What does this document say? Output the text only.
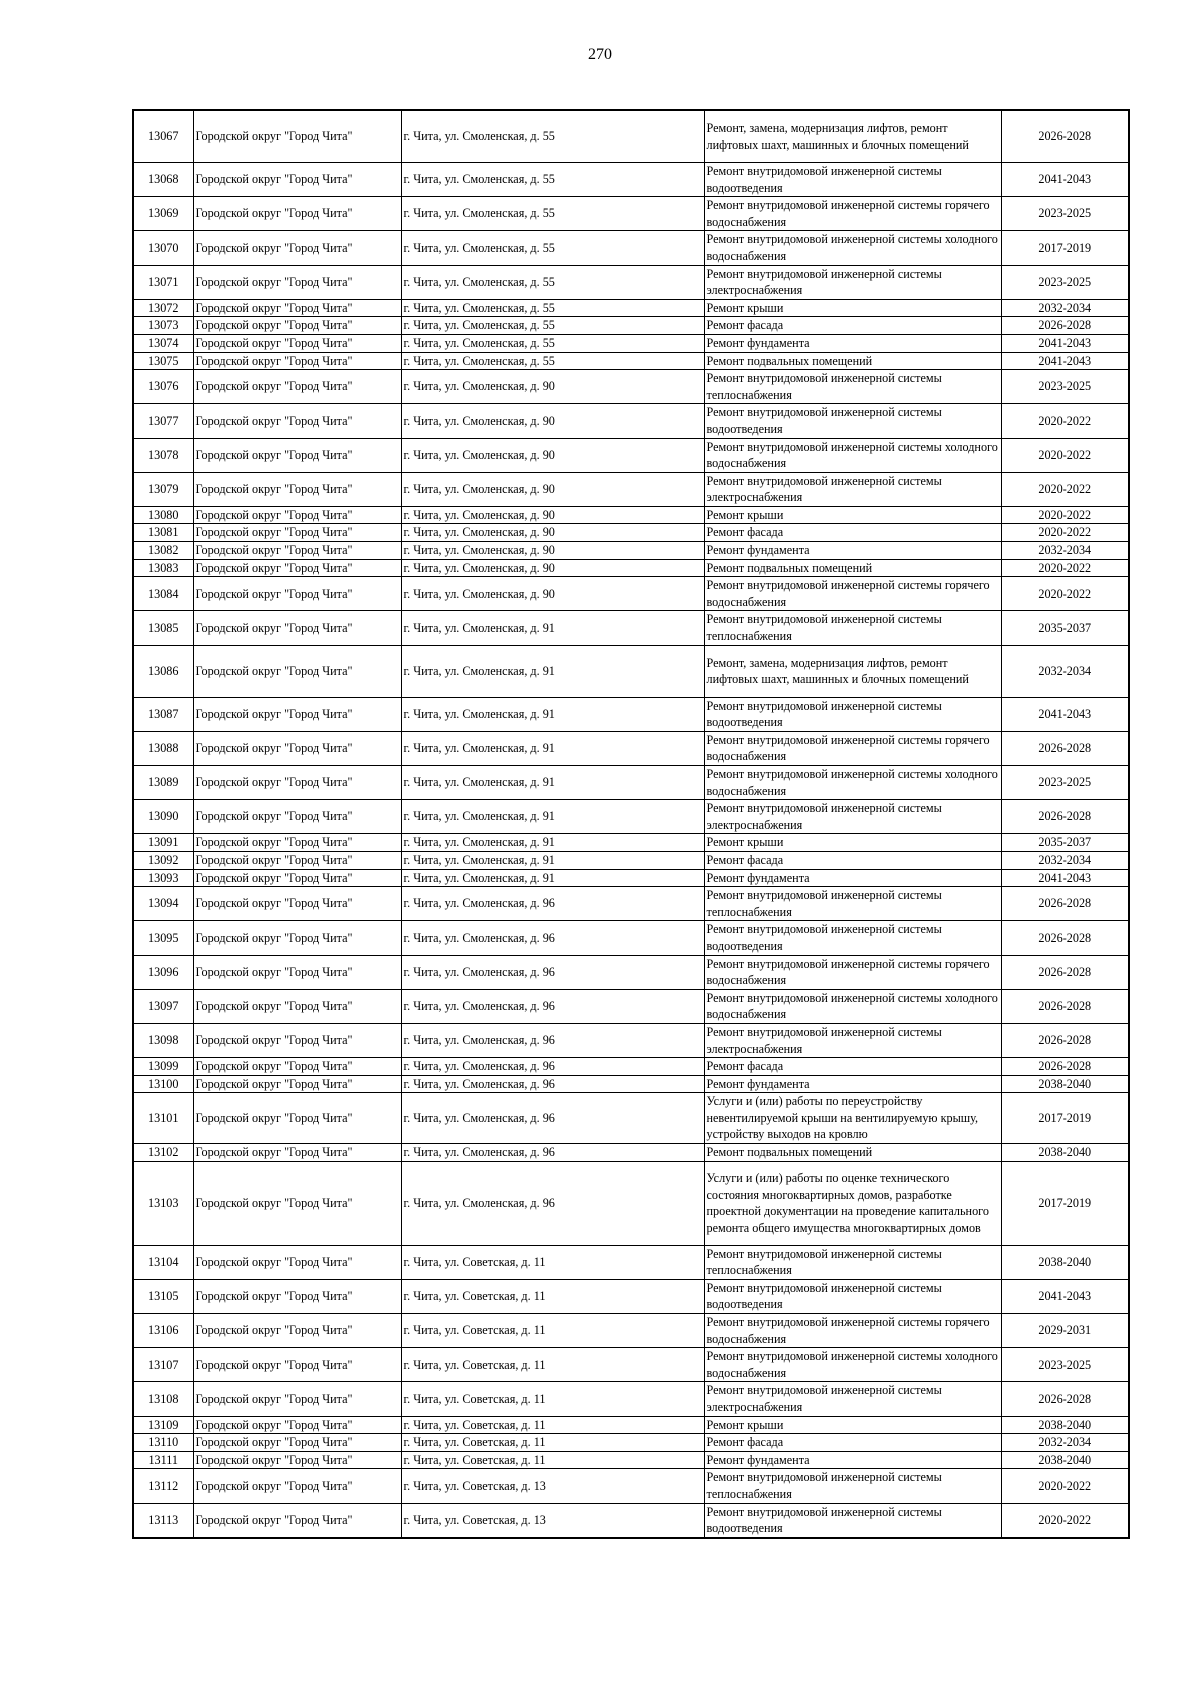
270
13067	Городской округ "Город Чита"	г. Чита, ул. Смоленская, д. 55	Ремонт, замена, модернизация лифтов, ремонт лифтовых шахт, машинных и блочных помещений	2026-2028
13068	Городской округ "Город Чита"	г. Чита, ул. Смоленская, д. 55	Ремонт внутридомовой инженерной системы водоотведения	2041-2043
13069	Городской округ "Город Чита"	г. Чита, ул. Смоленская, д. 55	Ремонт внутридомовой инженерной системы горячего водоснабжения	2023-2025
13070	Городской округ "Город Чита"	г. Чита, ул. Смоленская, д. 55	Ремонт внутридомовой инженерной системы холодного водоснабжения	2017-2019
13071	Городской округ "Город Чита"	г. Чита, ул. Смоленская, д. 55	Ремонт внутридомовой инженерной системы электроснабжения	2023-2025
13072	Городской округ "Город Чита"	г. Чита, ул. Смоленская, д. 55	Ремонт крыши	2032-2034
13073	Городской округ "Город Чита"	г. Чита, ул. Смоленская, д. 55	Ремонт фасада	2026-2028
13074	Городской округ "Город Чита"	г. Чита, ул. Смоленская, д. 55	Ремонт фундамента	2041-2043
13075	Городской округ "Город Чита"	г. Чита, ул. Смоленская, д. 55	Ремонт подвальных помещений	2041-2043
13076	Городской округ "Город Чита"	г. Чита, ул. Смоленская, д. 90	Ремонт внутридомовой инженерной системы теплоснабжения	2023-2025
13077	Городской округ "Город Чита"	г. Чита, ул. Смоленская, д. 90	Ремонт внутридомовой инженерной системы водоотведения	2020-2022
13078	Городской округ "Город Чита"	г. Чита, ул. Смоленская, д. 90	Ремонт внутридомовой инженерной системы холодного водоснабжения	2020-2022
13079	Городской округ "Город Чита"	г. Чита, ул. Смоленская, д. 90	Ремонт внутридомовой инженерной системы электроснабжения	2020-2022
13080	Городской округ "Город Чита"	г. Чита, ул. Смоленская, д. 90	Ремонт крыши	2020-2022
13081	Городской округ "Город Чита"	г. Чита, ул. Смоленская, д. 90	Ремонт фасада	2020-2022
13082	Городской округ "Город Чита"	г. Чита, ул. Смоленская, д. 90	Ремонт фундамента	2032-2034
13083	Городской округ "Город Чита"	г. Чита, ул. Смоленская, д. 90	Ремонт подвальных помещений	2020-2022
13084	Городской округ "Город Чита"	г. Чита, ул. Смоленская, д. 90	Ремонт внутридомовой инженерной системы горячего водоснабжения	2020-2022
13085	Городской округ "Город Чита"	г. Чита, ул. Смоленская, д. 91	Ремонт внутридомовой инженерной системы теплоснабжения	2035-2037
13086	Городской округ "Город Чита"	г. Чита, ул. Смоленская, д. 91	Ремонт, замена, модернизация лифтов, ремонт лифтовых шахт, машинных и блочных помещений	2032-2034
13087	Городской округ "Город Чита"	г. Чита, ул. Смоленская, д. 91	Ремонт внутридомовой инженерной системы водоотведения	2041-2043
13088	Городской округ "Город Чита"	г. Чита, ул. Смоленская, д. 91	Ремонт внутридомовой инженерной системы горячего водоснабжения	2026-2028
13089	Городской округ "Город Чита"	г. Чита, ул. Смоленская, д. 91	Ремонт внутридомовой инженерной системы холодного водоснабжения	2023-2025
13090	Городской округ "Город Чита"	г. Чита, ул. Смоленская, д. 91	Ремонт внутридомовой инженерной системы электроснабжения	2026-2028
13091	Городской округ "Город Чита"	г. Чита, ул. Смоленская, д. 91	Ремонт крыши	2035-2037
13092	Городской округ "Город Чита"	г. Чита, ул. Смоленская, д. 91	Ремонт фасада	2032-2034
13093	Городской округ "Город Чита"	г. Чита, ул. Смоленская, д. 91	Ремонт фундамента	2041-2043
13094	Городской округ "Город Чита"	г. Чита, ул. Смоленская, д. 96	Ремонт внутридомовой инженерной системы теплоснабжения	2026-2028
13095	Городской округ "Город Чита"	г. Чита, ул. Смоленская, д. 96	Ремонт внутридомовой инженерной системы водоотведения	2026-2028
13096	Городской округ "Город Чита"	г. Чита, ул. Смоленская, д. 96	Ремонт внутридомовой инженерной системы горячего водоснабжения	2026-2028
13097	Городской округ "Город Чита"	г. Чита, ул. Смоленская, д. 96	Ремонт внутридомовой инженерной системы холодного водоснабжения	2026-2028
13098	Городской округ "Город Чита"	г. Чита, ул. Смоленская, д. 96	Ремонт внутридомовой инженерной системы электроснабжения	2026-2028
13099	Городской округ "Город Чита"	г. Чита, ул. Смоленская, д. 96	Ремонт фасада	2026-2028
13100	Городской округ "Город Чита"	г. Чита, ул. Смоленская, д. 96	Ремонт фундамента	2038-2040
13101	Городской округ "Город Чита"	г. Чита, ул. Смоленская, д. 96	Услуги и (или) работы по переустройству невентилируемой крыши на вентилируемую крышу, устройству выходов на кровлю	2017-2019
13102	Городской округ "Город Чита"	г. Чита, ул. Смоленская, д. 96	Ремонт подвальных помещений	2038-2040
13103	Городской округ "Город Чита"	г. Чита, ул. Смоленская, д. 96	Услуги и (или) работы по оценке технического состояния многоквартирных домов, разработке проектной документации на проведение капитального ремонта общего имущества многоквартирных домов	2017-2019
13104	Городской округ "Город Чита"	г. Чита, ул. Советская, д. 11	Ремонт внутридомовой инженерной системы теплоснабжения	2038-2040
13105	Городской округ "Город Чита"	г. Чита, ул. Советская, д. 11	Ремонт внутридомовой инженерной системы водоотведения	2041-2043
13106	Городской округ "Город Чита"	г. Чита, ул. Советская, д. 11	Ремонт внутридомовой инженерной системы горячего водоснабжения	2029-2031
13107	Городской округ "Город Чита"	г. Чита, ул. Советская, д. 11	Ремонт внутридомовой инженерной системы холодного водоснабжения	2023-2025
13108	Городской округ "Город Чита"	г. Чита, ул. Советская, д. 11	Ремонт внутридомовой инженерной системы электроснабжения	2026-2028
13109	Городской округ "Город Чита"	г. Чита, ул. Советская, д. 11	Ремонт крыши	2038-2040
13110	Городской округ "Город Чита"	г. Чита, ул. Советская, д. 11	Ремонт фасада	2032-2034
13111	Городской округ "Город Чита"	г. Чита, ул. Советская, д. 11	Ремонт фундамента	2038-2040
13112	Городской округ "Город Чита"	г. Чита, ул. Советская, д. 13	Ремонт внутридомовой инженерной системы теплоснабжения	2020-2022
13113	Городской округ "Город Чита"	г. Чита, ул. Советская, д. 13	Ремонт внутридомовой инженерной системы водоотведения	2020-2022
